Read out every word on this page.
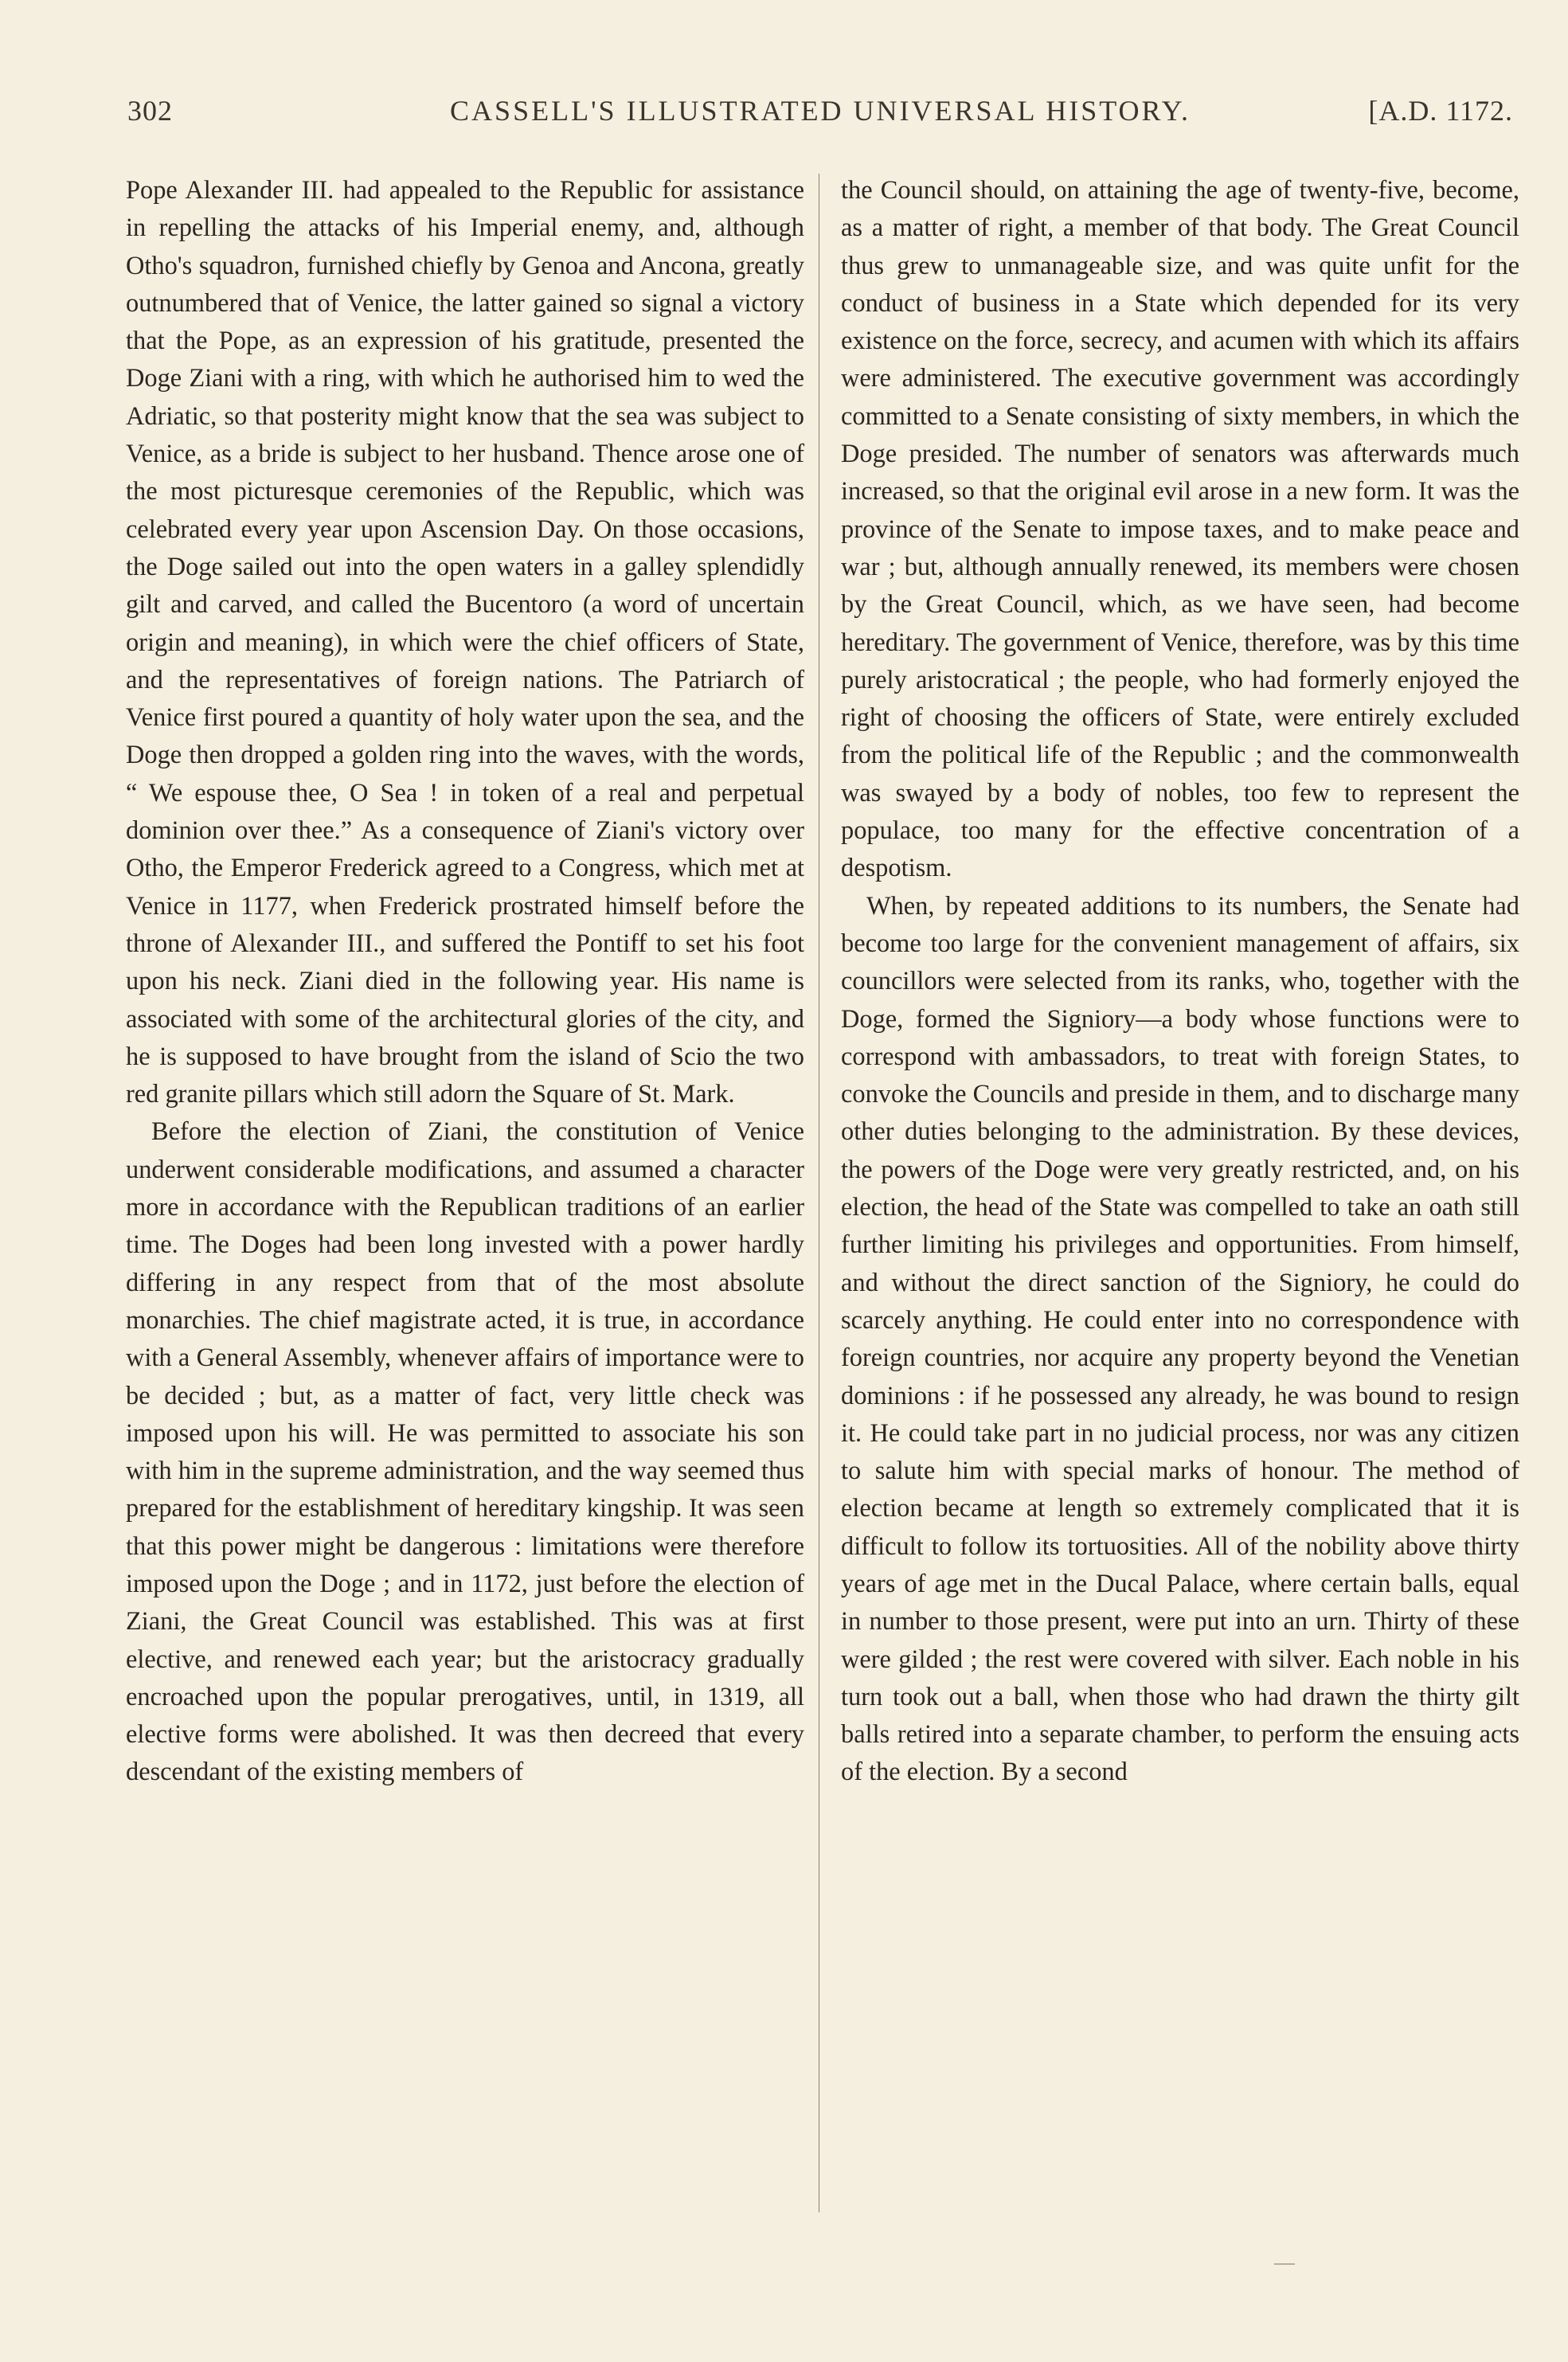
302	CASSELL'S ILLUSTRATED UNIVERSAL HISTORY.	[A.D. 1172.

Pope Alexander III. had appealed to the Republic for assistance in repelling the attacks of his Imperial enemy, and, although Otho's squadron, furnished chiefly by Genoa and Ancona, greatly outnumbered that of Venice, the latter gained so signal a victory that the Pope, as an expression of his gratitude, presented the Doge Ziani with a ring, with which he authorised him to wed the Adriatic, so that posterity might know that the sea was subject to Venice, as a bride is subject to her husband. Thence arose one of the most picturesque ceremonies of the Republic, which was celebrated every year upon Ascension Day. On those occasions, the Doge sailed out into the open waters in a galley splendidly gilt and carved, and called the Bucentoro (a word of uncertain origin and meaning), in which were the chief officers of State, and the representatives of foreign nations. The Patriarch of Venice first poured a quantity of holy water upon the sea, and the Doge then dropped a golden ring into the waves, with the words, “ We espouse thee, O Sea ! in token of a real and perpetual dominion over thee.” As a consequence of Ziani's victory over Otho, the Emperor Frederick agreed to a Congress, which met at Venice in 1177, when Frederick prostrated himself before the throne of Alexander III., and suffered the Pontiff to set his foot upon his neck. Ziani died in the following year. His name is associated with some of the architectural glories of the city, and he is supposed to have brought from the island of Scio the two red granite pillars which still adorn the Square of St. Mark.

Before the election of Ziani, the constitution of Venice underwent considerable modifications, and assumed a character more in accordance with the Republican traditions of an earlier time. The Doges had been long invested with a power hardly differing in any respect from that of the most absolute monarchies. The chief magistrate acted, it is true, in accordance with a General Assembly, whenever affairs of importance were to be decided ; but, as a matter of fact, very little check was imposed upon his will. He was permitted to associate his son with him in the supreme administration, and the way seemed thus prepared for the establishment of hereditary kingship. It was seen that this power might be dangerous : limitations were therefore imposed upon the Doge ; and in 1172, just before the election of Ziani, the Great Council was established. This was at first elective, and renewed each year; but the aristocracy gradually encroached upon the popular prerogatives, until, in 1319, all elective forms were abolished. It was then decreed that every descendant of the existing members of

the Council should, on attaining the age of twenty-five, become, as a matter of right, a member of that body. The Great Council thus grew to unmanageable size, and was quite unfit for the conduct of business in a State which depended for its very existence on the force, secrecy, and acumen with which its affairs were administered. The executive government was accordingly committed to a Senate consisting of sixty members, in which the Doge presided. The number of senators was afterwards much increased, so that the original evil arose in a new form. It was the province of the Senate to impose taxes, and to make peace and war ; but, although annually renewed, its members were chosen by the Great Council, which, as we have seen, had become hereditary. The government of Venice, therefore, was by this time purely aristocratical ; the people, who had formerly enjoyed the right of choosing the officers of State, were entirely excluded from the political life of the Republic ; and the commonwealth was swayed by a body of nobles, too few to represent the populace, too many for the effective concentration of a despotism.

When, by repeated additions to its numbers, the Senate had become too large for the convenient management of affairs, six councillors were selected from its ranks, who, together with the Doge, formed the Signiory—a body whose functions were to correspond with ambassadors, to treat with foreign States, to convoke the Councils and preside in them, and to discharge many other duties belonging to the administration. By these devices, the powers of the Doge were very greatly restricted, and, on his election, the head of the State was compelled to take an oath still further limiting his privileges and opportunities. From himself, and without the direct sanction of the Signiory, he could do scarcely anything. He could enter into no correspondence with foreign countries, nor acquire any property beyond the Venetian dominions : if he possessed any already, he was bound to resign it. He could take part in no judicial process, nor was any citizen to salute him with special marks of honour. The method of election became at length so extremely complicated that it is difficult to follow its tortuosities. All of the nobility above thirty years of age met in the Ducal Palace, where certain balls, equal in number to those present, were put into an urn. Thirty of these were gilded ; the rest were covered with silver. Each noble in his turn took out a ball, when those who had drawn the thirty gilt balls retired into a separate chamber, to perform the ensuing acts of the election. By a second
